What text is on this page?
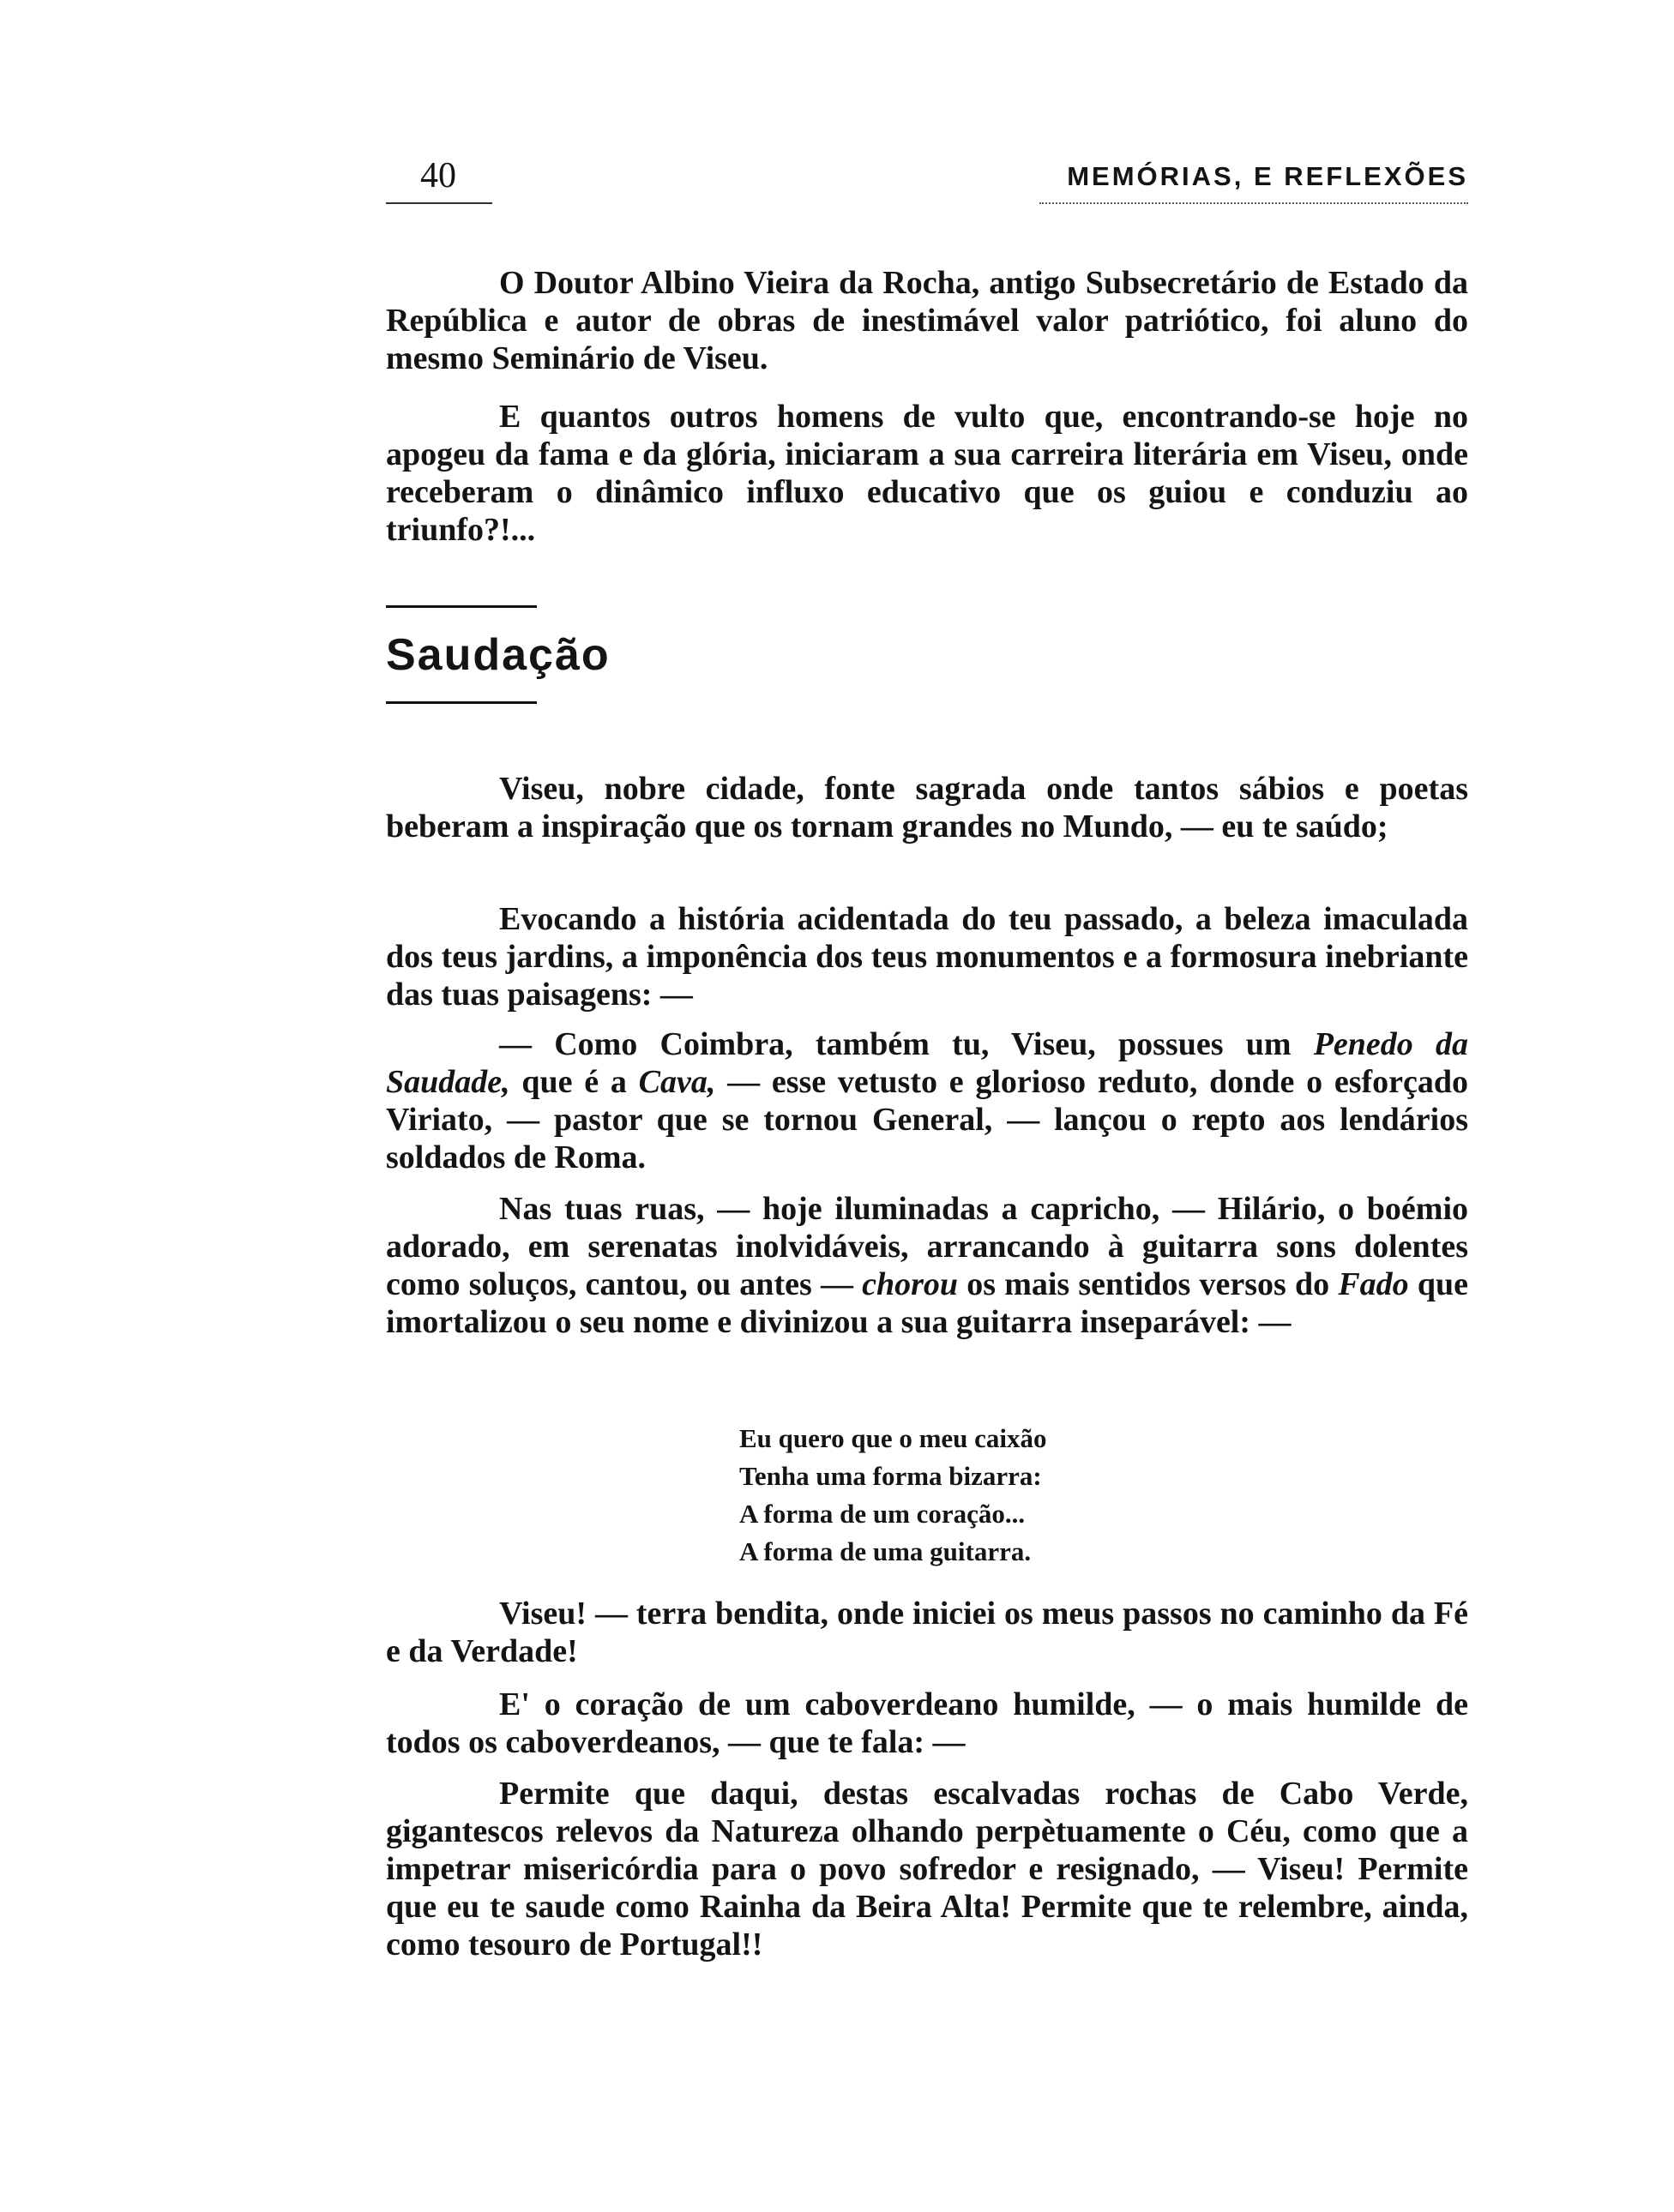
40	MEMÓRIAS, E REFLEXÕES

O Doutor Albino Vieira da Rocha, antigo Subsecretário de Estado da República e autor de obras de inestimável valor patriótico, foi aluno do mesmo Seminário de Viseu.

E quantos outros homens de vulto que, encontrando-se hoje no apogeu da fama e da glória, iniciaram a sua carreira literária em Viseu, onde receberam o dinâmico influxo educativo que os guiou e conduziu ao triunfo?!...

Saudação

Viseu, nobre cidade, fonte sagrada onde tantos sábios e poetas beberam a inspiração que os tornam grandes no Mundo, — eu te saúdo;

Evocando a história acidentada do teu passado, a beleza imaculada dos teus jardins, a imponência dos teus monumentos e a formosura inebriante das tuas paisagens: —

— Como Coimbra, também tu, Viseu, possues um Penedo da Saudade, que é a Cava, — esse vetusto e glorioso reduto, donde o esforçado Viriato, — pastor que se tornou General, — lançou o repto aos lendários soldados de Roma.

Nas tuas ruas, — hoje iluminadas a capricho, — Hilário, o boémio adorado, em serenatas inolvidáveis, arrancando à guitarra sons dolentes como soluços, cantou, ou antes — chorou os mais sentidos versos do Fado que imortalizou o seu nome e divinizou a sua guitarra inseparável: —

Eu quero que o meu caixão
Tenha uma forma bizarra:
A forma de um coração...
A forma de uma guitarra.

Viseu! — terra bendita, onde iniciei os meus passos no caminho da Fé e da Verdade!

E' o coração de um caboverdeano humilde, — o mais humilde de todos os caboverdeanos, — que te fala: —

Permite que daqui, destas escalvadas rochas de Cabo Verde, gigantescos relevos da Natureza olhando perpètuamente o Céu, como que a impetrar misericórdia para o povo sofredor e resignado, — Viseu! Permite que eu te saude como Rainha da Beira Alta! Permite que te relembre, ainda, como tesouro de Portugal!!
